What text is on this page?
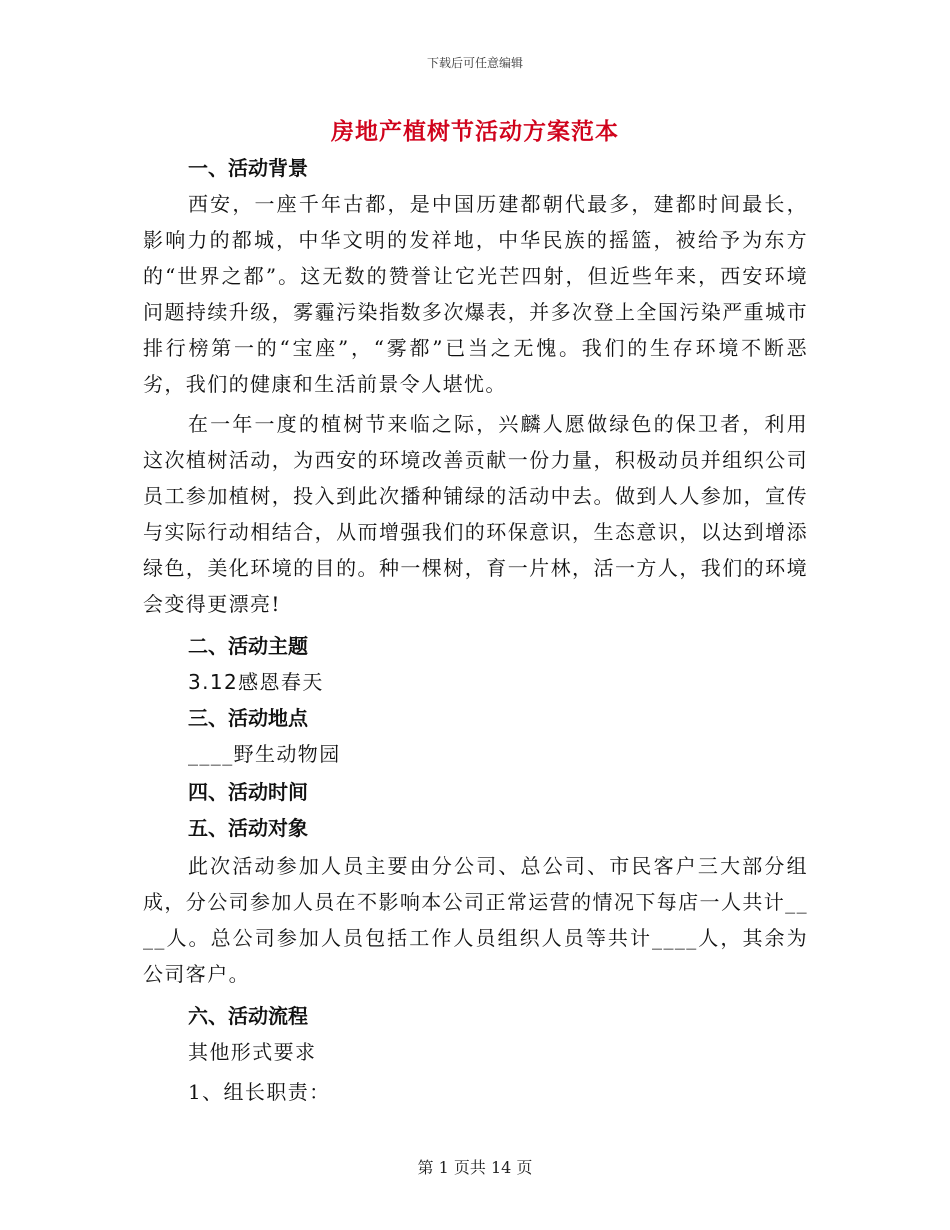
下载后可任意编辑
房地产植树节活动方案范本
一、活动背景

西安，一座千年古都，是中国历建都朝代最多，建都时间最长，影响力的都城，中华文明的发祥地，中华民族的摇篮，被给予为东方的“世界之都”。这无数的赞誉让它光芒四射，但近些年来，西安环境问题持续升级，雾霾污染指数多次爆表，并多次登上全国污染严重城市排行榜第一的“宝座”，“雾都”已当之无愧。我们的生存环境不断恶劣，我们的健康和生活前景令人堪忧。

在一年一度的植树节来临之际，兴麟人愿做绿色的保卫者，利用这次植树活动，为西安的环境改善贡献一份力量，积极动员并组织公司员工参加植树，投入到此次播种铺绿的活动中去。做到人人参加，宣传与实际行动相结合，从而增强我们的环保意识，生态意识，以达到增添绿色，美化环境的目的。种一棵树，育一片林，活一方人，我们的环境会变得更漂亮!

二、活动主题
3.12感恩春天
三、活动地点
____野生动物园
四、活动时间
五、活动对象

此次活动参加人员主要由分公司、总公司、市民客户三大部分组成，分公司参加人员在不影响本公司正常运营的情况下每店一人共计____人。总公司参加人员包括工作人员组织人员等共计____人，其余为公司客户。

六、活动流程
其他形式要求
1、组长职责：
第 1 页共 14 页
